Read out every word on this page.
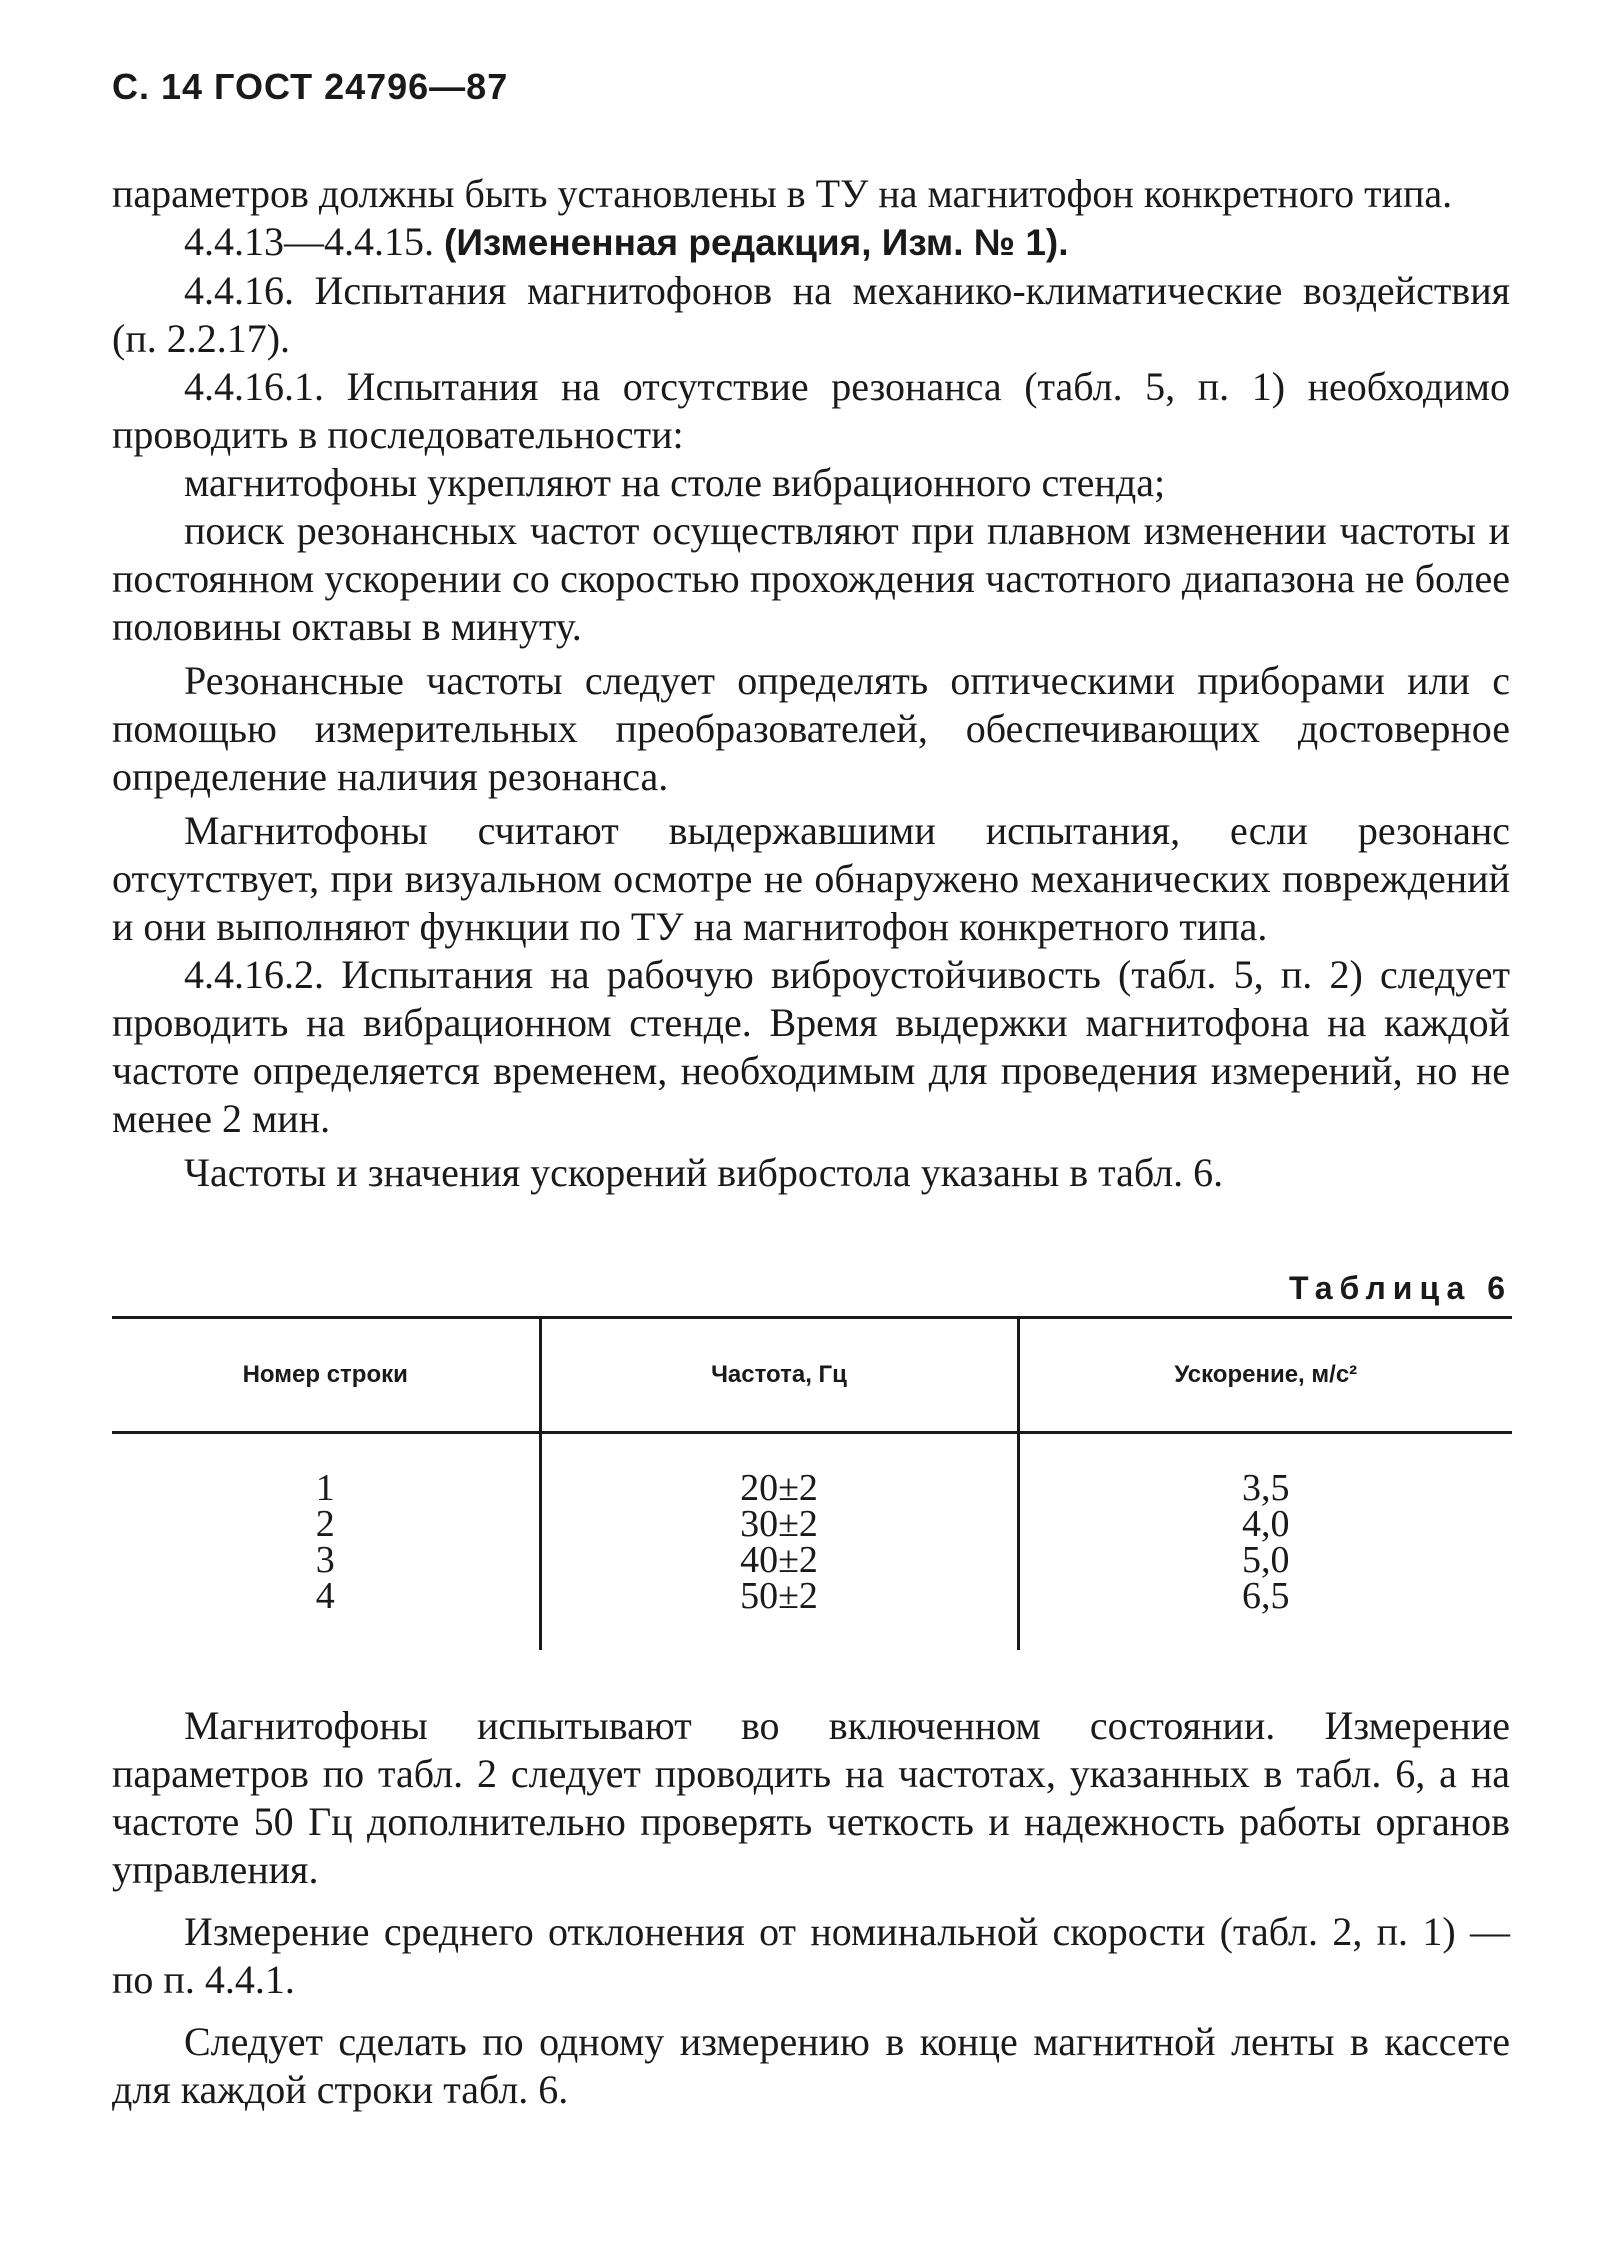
С. 14 ГОСТ 24796—87

параметров должны быть установлены в ТУ на магнитофон конкретного типа.

4.4.13—4.4.15. (Измененная редакция, Изм. № 1).

4.4.16. Испытания магнитофонов на механико-климатические воздействия (п. 2.2.17).

4.4.16.1. Испытания на отсутствие резонанса (табл. 5, п. 1) необходимо проводить в последовательности:

магнитофоны укрепляют на столе вибрационного стенда;

поиск резонансных частот осуществляют при плавном изменении частоты и постоянном ускорении со скоростью прохождения частотного диапазона не более половины октавы в минуту.

Резонансные частоты следует определять оптическими приборами или с помощью измерительных преобразователей, обеспечивающих достоверное определение наличия резонанса.

Магнитофоны считают выдержавшими испытания, если резонанс отсутствует, при визуальном осмотре не обнаружено механических повреждений и они выполняют функции по ТУ на магнитофон конкретного типа.

4.4.16.2. Испытания на рабочую виброустойчивость (табл. 5, п. 2) следует проводить на вибрационном стенде. Время выдержки магнитофона на каждой частоте определяется временем, необходимым для проведения измерений, но не менее 2 мин.

Частоты и значения ускорений вибростола указаны в табл. 6.

Таблица 6
Номер строки	Частота, Гц	Ускорение, м/с²
1	20±2	3,5
2	30±2	4,0
3	40±2	5,0
4	50±2	6,5

Магнитофоны испытывают во включенном состоянии. Измерение параметров по табл. 2 следует проводить на частотах, указанных в табл. 6, а на частоте 50 Гц дополнительно проверять четкость и надежность работы органов управления.

Измерение среднего отклонения от номинальной скорости (табл. 2, п. 1) — по п. 4.4.1.

Следует сделать по одному измерению в конце магнитной ленты в кассете для каждой строки табл. 6.
